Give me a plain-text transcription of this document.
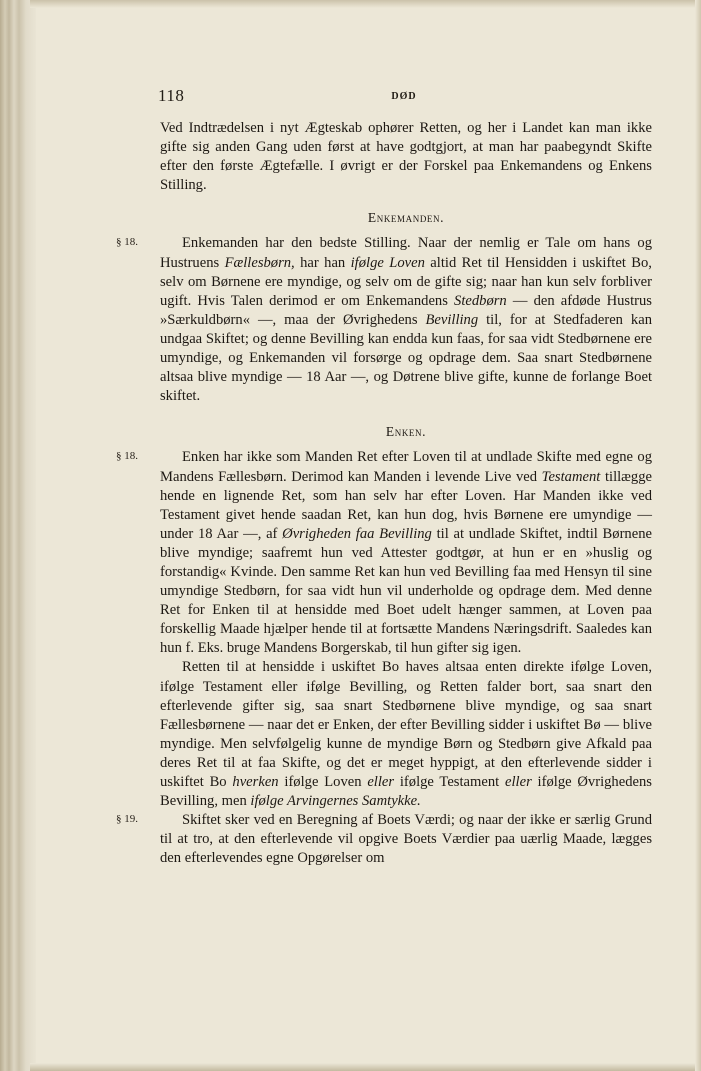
118	DØD

Ved Indtrædelsen i nyt Ægteskab ophører Retten, og her i Landet kan man ikke gifte sig anden Gang uden først at have godtgjort, at man har paabegyndt Skifte efter den første Ægtefælle. I øvrigt er der Forskel paa Enkemandens og Enkens Stilling.

Enkemanden.

§ 18.	Enkemanden har den bedste Stilling. Naar der nemlig er Tale om hans og Hustruens Fællesbørn, har han ifølge Loven altid Ret til Hensidden i uskiftet Bo, selv om Børnene ere myndige, og selv om de gifte sig; naar han kun selv forbliver ugift. Hvis Talen derimod er om Enkemandens Stedbørn — den afdøde Hustrus »Særkuldbørn« —, maa der Øvrighedens Bevilling til, for at Stedfaderen kan undgaa Skiftet; og denne Bevilling kan endda kun faas, for saa vidt Stedbørnene ere umyndige, og Enkemanden vil forsørge og opdrage dem. Saa snart Stedbørnene altsaa blive myndige — 18 Aar —, og Døtrene blive gifte, kunne de forlange Boet skiftet.

Enken.

§ 18.	Enken har ikke som Manden Ret efter Loven til at undlade Skifte med egne og Mandens Fællesbørn. Derimod kan Manden i levende Live ved Testament tillægge hende en lignende Ret, som han selv har efter Loven. Har Manden ikke ved Testament givet hende saadan Ret, kan hun dog, hvis Børnene ere umyndige — under 18 Aar —, af Øvrigheden faa Bevilling til at undlade Skiftet, indtil Børnene blive myndige; saafremt hun ved Attester godtgør, at hun er en »huslig og forstandig« Kvinde. Den samme Ret kan hun ved Bevilling faa med Hensyn til sine umyndige Stedbørn, for saa vidt hun vil underholde og opdrage dem. Med denne Ret for Enken til at hensidde med Boet udelt hænger sammen, at Loven paa forskellig Maade hjælper hende til at fortsætte Mandens Næringsdrift. Saaledes kan hun f. Eks. bruge Mandens Borgerskab, til hun gifter sig igen.

Retten til at hensidde i uskiftet Bo haves altsaa enten direkte ifølge Loven, ifølge Testament eller ifølge Bevilling, og Retten falder bort, saa snart den efterlevende gifter sig, saa snart Stedbørnene blive myndige, og saa snart Fællesbørnene — naar det er Enken, der efter Bevilling sidder i uskiftet Bø — blive myndige. Men selvfølgelig kunne de myndige Børn og Stedbørn give Afkald paa deres Ret til at faa Skifte, og det er meget hyppigt, at den efterlevende sidder i uskiftet Bo hverken ifølge Loven eller ifølge Testament eller ifølge Øvrighedens Bevilling, men ifølge Arvingernes Samtykke.

§ 19.	Skiftet sker ved en Beregning af Boets Værdi; og naar der ikke er særlig Grund til at tro, at den efterlevende vil opgive Boets Værdier paa uærlig Maade, lægges den efterlevendes egne Opgørelser om
